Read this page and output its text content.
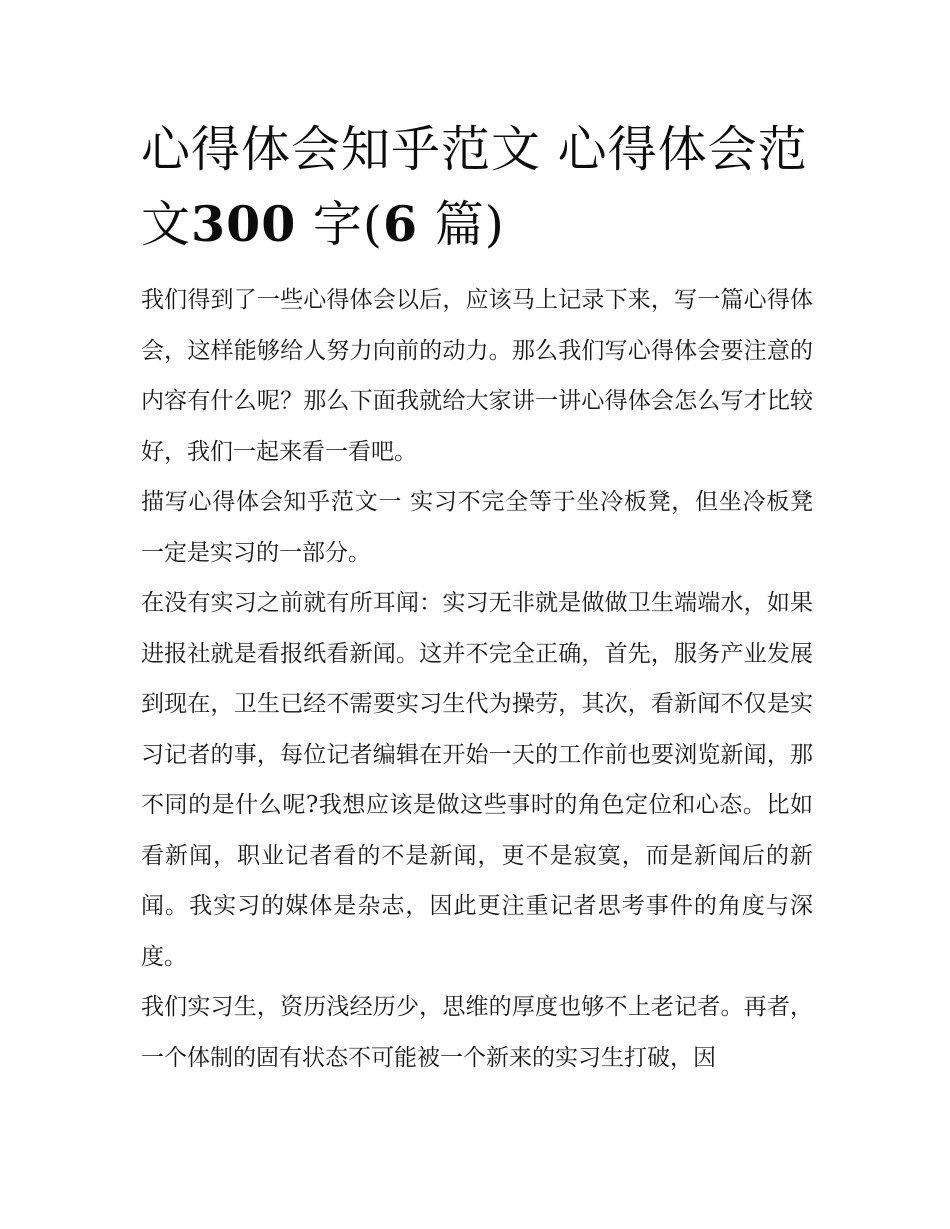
心得体会知乎范文 心得体会范文300 字(6 篇)

我们得到了一些心得体会以后，应该马上记录下来，写一篇心得体会，这样能够给人努力向前的动力。那么我们写心得体会要注意的内容有什么呢？那么下面我就给大家讲一讲心得体会怎么写才比较好，我们一起来看一看吧。

描写心得体会知乎范文一 实习不完全等于坐冷板凳，但坐冷板凳一定是实习的一部分。

在没有实习之前就有所耳闻：实习无非就是做做卫生端端水，如果进报社就是看报纸看新闻。这并不完全正确，首先，服务产业发展到现在，卫生已经不需要实习生代为操劳，其次，看新闻不仅是实习记者的事，每位记者编辑在开始一天的工作前也要浏览新闻，那不同的是什么呢?我想应该是做这些事时的角色定位和心态。比如看新闻，职业记者看的不是新闻，更不是寂寞，而是新闻后的新闻。我实习的媒体是杂志，因此更注重记者思考事件的角度与深度。

我们实习生，资历浅经历少，思维的厚度也够不上老记者。再者，一个体制的固有状态不可能被一个新来的实习生打破，因
